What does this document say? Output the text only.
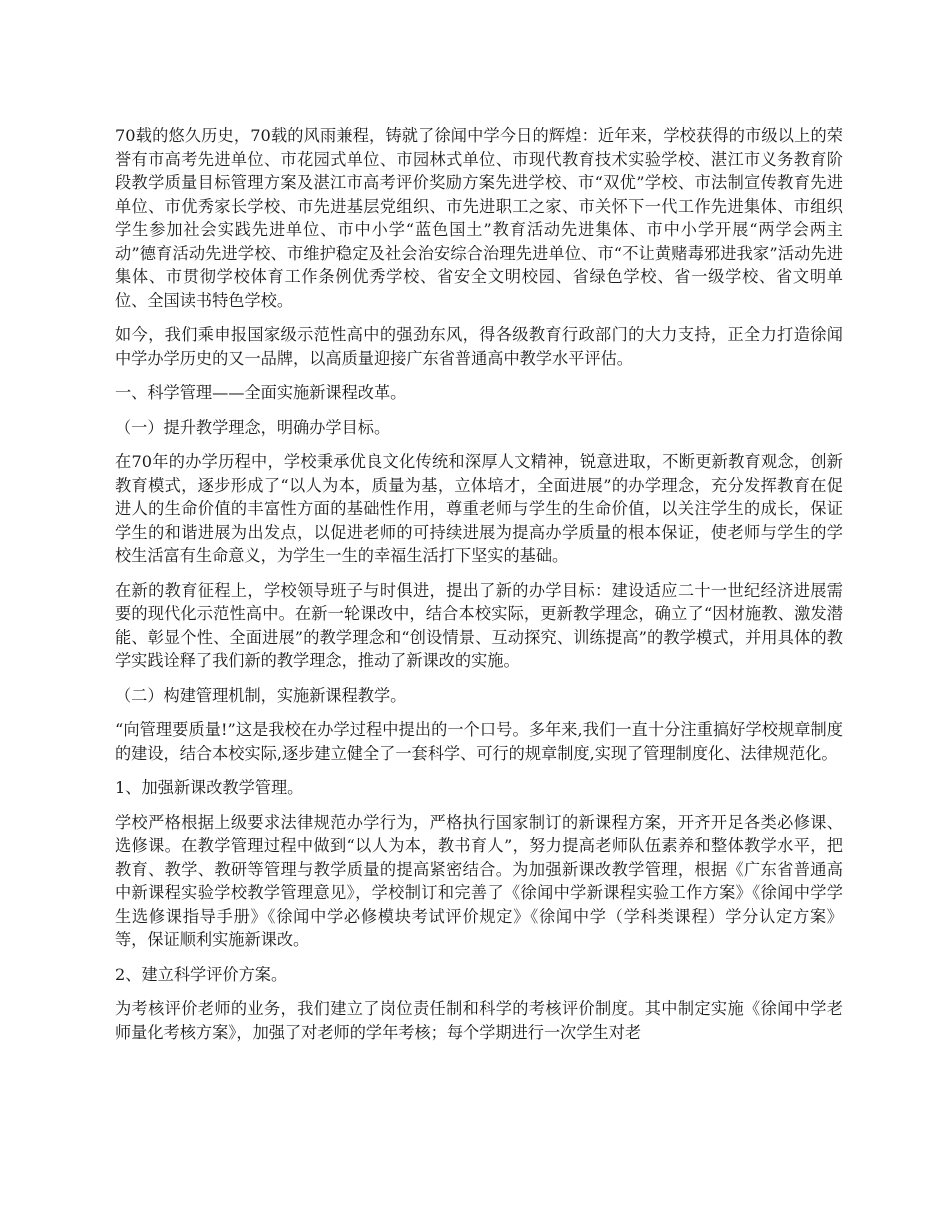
70载的悠久历史，70载的风雨兼程，铸就了徐闻中学今日的辉煌：近年来，学校获得的市级以上的荣誉有市高考先进单位、市花园式单位、市园林式单位、市现代教育技术实验学校、湛江市义务教育阶段教学质量目标管理方案及湛江市高考评价奖励方案先进学校、市“双优”学校、市法制宣传教育先进单位、市优秀家长学校、市先进基层党组织、市先进职工之家、市关怀下一代工作先进集体、市组织学生参加社会实践先进单位、市中小学“蓝色国土”教育活动先进集体、市中小学开展“两学会两主动”德育活动先进学校、市维护稳定及社会治安综合治理先进单位、市“不让黄赌毒邪进我家”活动先进集体、市贯彻学校体育工作条例优秀学校、省安全文明校园、省绿色学校、省一级学校、省文明单位、全国读书特色学校。

如今，我们乘申报国家级示范性高中的强劲东风，得各级教育行政部门的大力支持，正全力打造徐闻中学办学历史的又一品牌，以高质量迎接广东省普通高中教学水平评估。

一、科学管理——全面实施新课程改革。

（一）提升教学理念，明确办学目标。

在70年的办学历程中，学校秉承优良文化传统和深厚人文精神，锐意进取，不断更新教育观念，创新教育模式，逐步形成了“以人为本，质量为基，立体培才，全面进展”的办学理念，充分发挥教育在促进人的生命价值的丰富性方面的基础性作用，尊重老师与学生的生命价值，以关注学生的成长，保证学生的和谐进展为出发点，以促进老师的可持续进展为提高办学质量的根本保证，使老师与学生的学校生活富有生命意义，为学生一生的幸福生活打下坚实的基础。

在新的教育征程上，学校领导班子与时俱进，提出了新的办学目标：建设适应二十一世纪经济进展需要的现代化示范性高中。在新一轮课改中，结合本校实际，更新教学理念，确立了“因材施教、激发潜能、彰显个性、全面进展”的教学理念和“创设情景、互动探究、训练提高”的教学模式，并用具体的教学实践诠释了我们新的教学理念，推动了新课改的实施。

（二）构建管理机制，实施新课程教学。

“向管理要质量!”这是我校在办学过程中提出的一个口号。多年来,我们一直十分注重搞好学校规章制度的建设，结合本校实际,逐步建立健全了一套科学、可行的规章制度,实现了管理制度化、法律规范化。

1、加强新课改教学管理。

学校严格根据上级要求法律规范办学行为，严格执行国家制订的新课程方案，开齐开足各类必修课、选修课。在教学管理过程中做到“以人为本，教书育人”，努力提高老师队伍素养和整体教学水平，把教育、教学、教研等管理与教学质量的提高紧密结合。为加强新课改教学管理，根据《广东省普通高中新课程实验学校教学管理意见》，学校制订和完善了《徐闻中学新课程实验工作方案》《徐闻中学学生选修课指导手册》《徐闻中学必修模块考试评价规定》《徐闻中学（学科类课程）学分认定方案》等，保证顺利实施新课改。

2、建立科学评价方案。

为考核评价老师的业务，我们建立了岗位责任制和科学的考核评价制度。其中制定实施《徐闻中学老师量化考核方案》，加强了对老师的学年考核；每个学期进行一次学生对老
